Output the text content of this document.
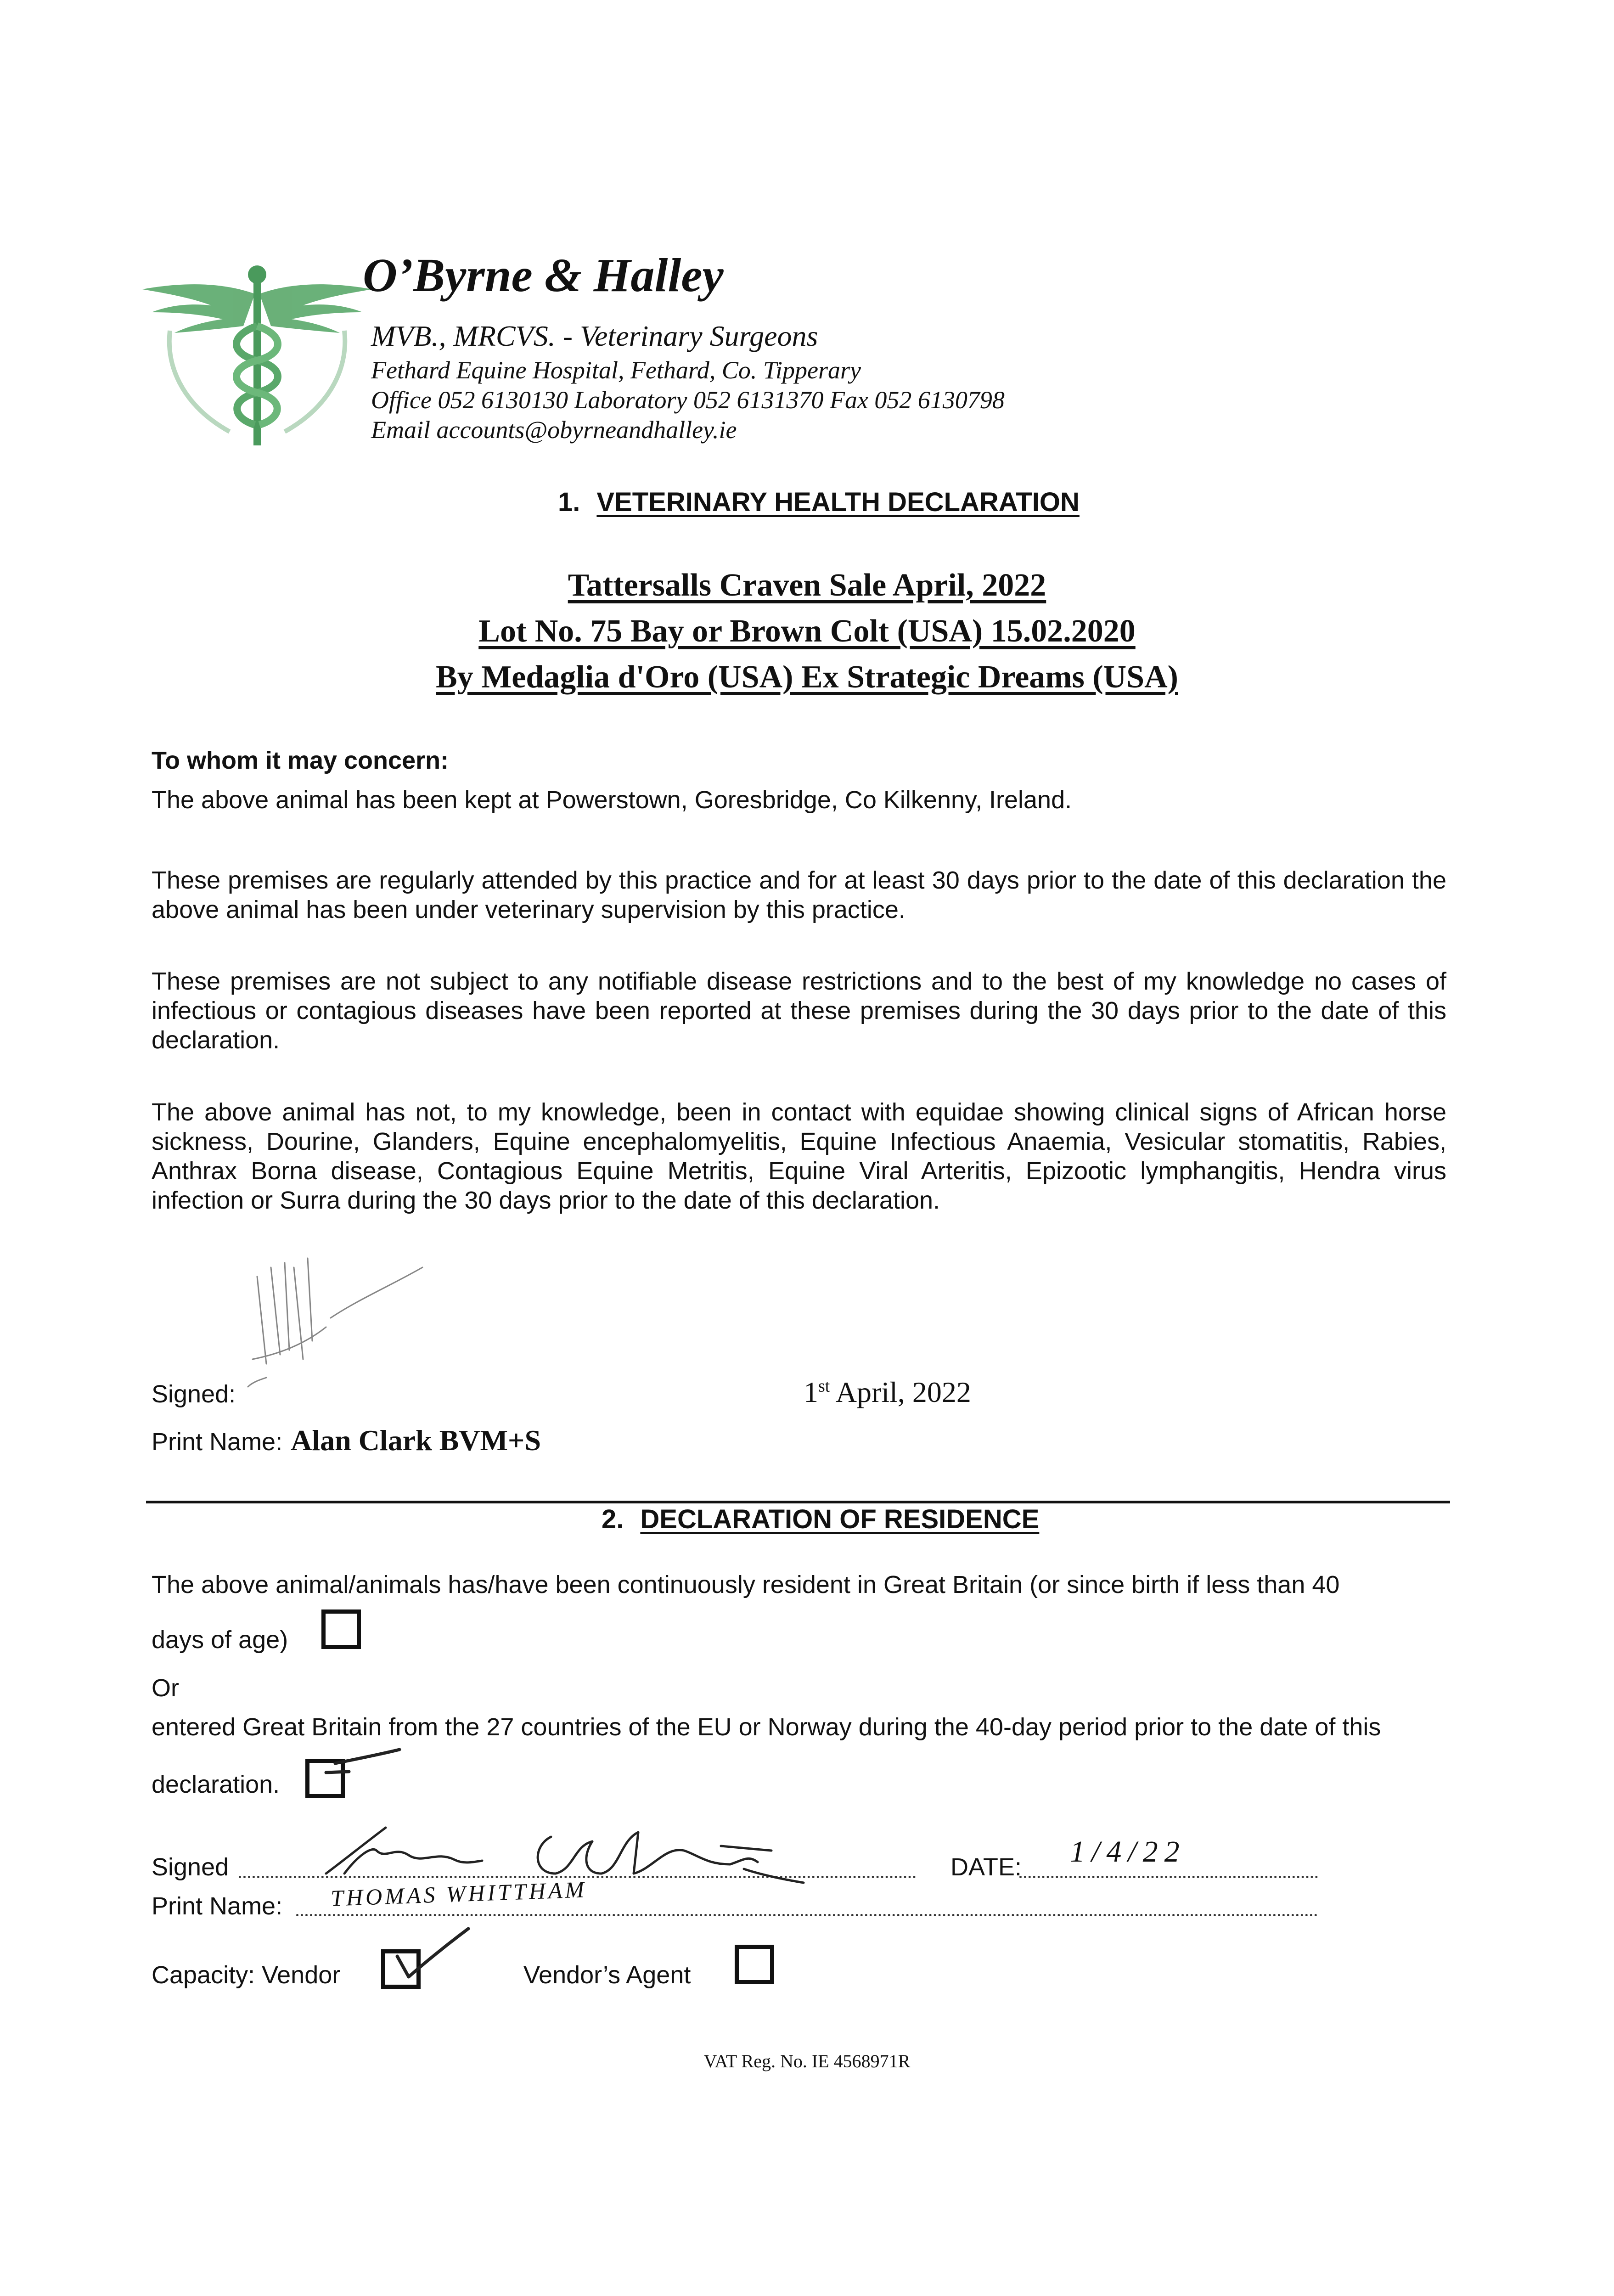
O’Byrne & Halley
MVB., MRCVS. - Veterinary Surgeons
Fethard Equine Hospital, Fethard, Co. Tipperary
Office 052 6130130 Laboratory 052 6131370 Fax 052 6130798
Email accounts@obyrneandhalley.ie
1. VETERINARY HEALTH DECLARATION
Tattersalls Craven Sale April, 2022
Lot No. 75 Bay or Brown Colt (USA) 15.02.2020
By Medaglia d'Oro (USA) Ex Strategic Dreams (USA)
To whom it may concern:
The above animal has been kept at Powerstown, Goresbridge, Co Kilkenny, Ireland.
These premises are regularly attended by this practice and for at least 30 days prior to the date of this declaration the above animal has been under veterinary supervision by this practice.
These premises are not subject to any notifiable disease restrictions and to the best of my knowledge no cases of infectious or contagious diseases have been reported at these premises during the 30 days prior to the date of this declaration.
The above animal has not, to my knowledge, been in contact with equidae showing clinical signs of African horse sickness, Dourine, Glanders, Equine encephalomyelitis, Equine Infectious Anaemia, Vesicular stomatitis, Rabies, Anthrax Borna disease, Contagious Equine Metritis, Equine Viral Arteritis, Epizootic lymphangitis, Hendra virus infection or Surra during the 30 days prior to the date of this declaration.
Signed:	1st April, 2022
Print Name: Alan Clark BVM+S
2. DECLARATION OF RESIDENCE
The above animal/animals has/have been continuously resident in Great Britain (or since birth if less than 40
days of age)
Or
entered Great Britain from the 27 countries of the EU or Norway during the 40-day period prior to the date of this
declaration.
Signed	DATE: 1/4/22
Print Name: THOMAS WHITTHAM
Capacity: Vendor	Vendor’s Agent
VAT Reg. No. IE 4568971R
